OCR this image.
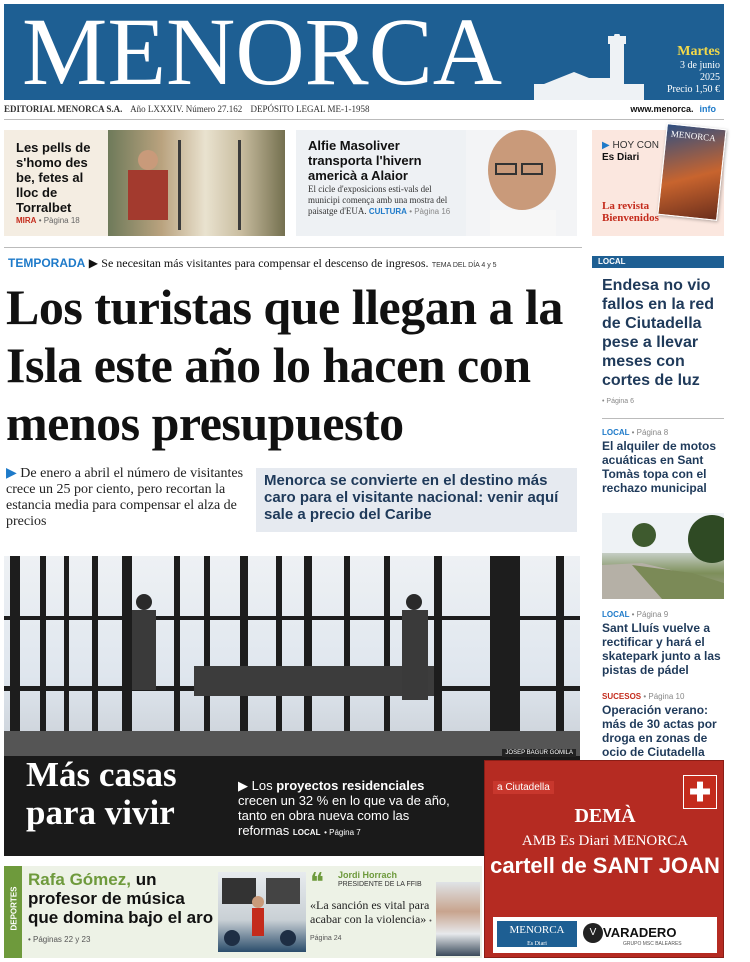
MENORCA	Martes
3 de junio
2025
Precio 1,50 €
EDITORIAL MENORCA S.A. Año LXXXIV. Número 27.162 DEPÓSITO LEGAL ME-1-1958	www.menorca. info
Les pells de s'homo des be, fetes al lloc de Torralbet
MIRA • Pàgina 18
Alfie Masoliver transporta l'hivern americà a Alaior
El cicle d'exposicions esti-vals del municipi comença amb una mostra del paisatge d'EUA. CULTURA • Pàgina 16
▶ HOY CON
Es Diari
La revista Bienvenidos
MENORCA
TEMPORADA ▶ Se necesitan más visitantes para compensar el descenso de ingresos. TEMA DEL DÍA 4 y 5
Los turistas que llegan a la Isla este año lo hacen con menos presupuesto
▶ De enero a abril el número de visitantes crece un 25 por ciento, pero recortan la estancia media para compensar el alza de precios
Menorca se convierte en el destino más caro para el visitante nacional: venir aquí sale a precio del Caribe
JOSEP BAGUR GOMILA
Más casas para vivir
▶ Los proyectos residenciales crecen un 32 % en lo que va de año, tanto en obra nueva como las reformas LOCAL • Página 7
DEPORTES
Rafa Gómez, un profesor de música que domina bajo el aro • Páginas 22 y 23
❝ Jordi Horrach
PRESIDENTE DE LA FFIB
«La sanción es vital para acabar con la violencia» • Página 24
LOCAL
Endesa no vio fallos en la red de Ciutadella pese a llevar meses con cortes de luz
• Página 6
LOCAL • Página 8
El alquiler de motos acuáticas en Sant Tomàs topa con el rechazo municipal
LOCAL • Página 9
Sant Lluís vuelve a rectificar y hará el skatepark junto a las pistas de pádel
SUCESOS • Página 10
Operación verano: más de 30 actas por droga en zonas de ocio de Ciutadella
a Ciutadella	✚
DEMÀ
AMB Es Diari MENORCA
cartell de SANT JOAN
MENORCA
Es Diari
V VARADERO
GRUPO MSC BALEARES
